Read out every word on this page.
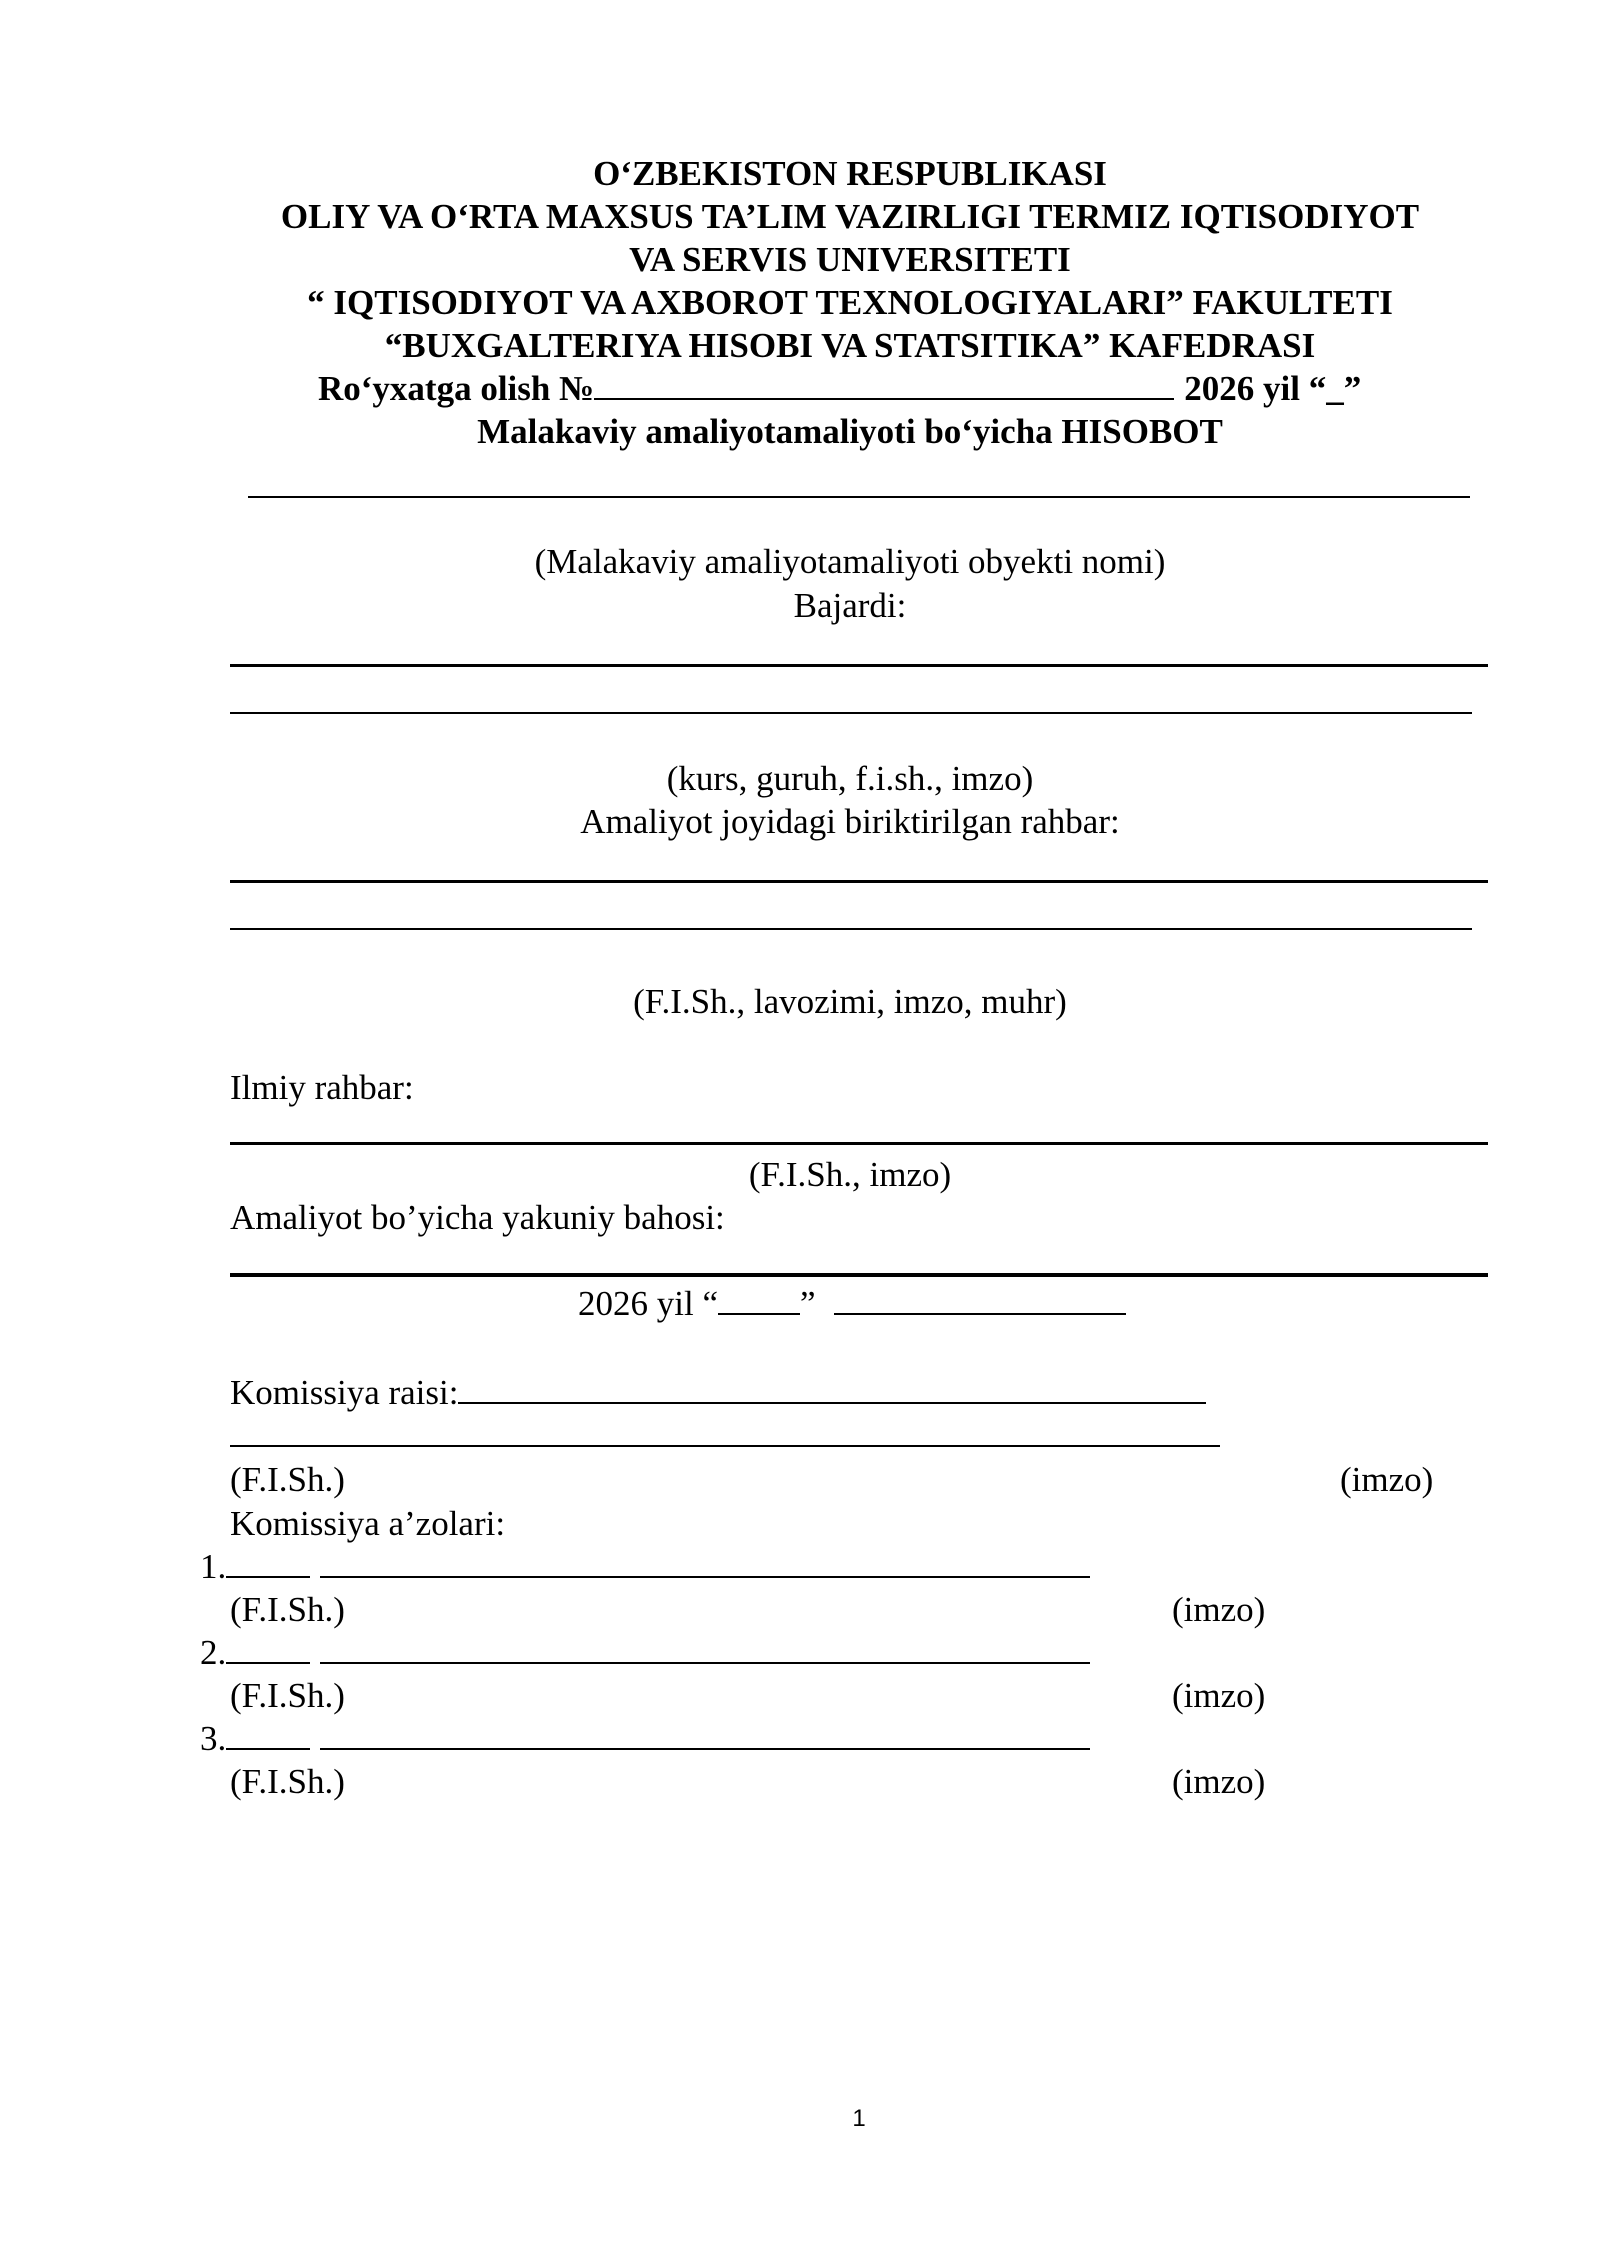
O‘ZBEKISTON RESPUBLIKASI
OLIY VA O‘RTA MAXSUS TA’LIM VAZIRLIGI TERMIZ IQTISODIYOT
VA SERVIS UNIVERSITETI
“ IQTISODIYOT VA AXBOROT TEXNOLOGIYALARI” FAKULTETI
“BUXGALTERIYA HISOBI VA STATSITIKA” KAFEDRASI
Ro‘yxatga olish №	2026 yil “_”
Malakaviy amaliyotamaliyoti bo‘yicha HISOBOT
(Malakaviy amaliyotamaliyoti obyekti nomi)
Bajardi:
(kurs, guruh, f.i.sh., imzo)
Amaliyot joyidagi biriktirilgan rahbar:
(F.I.Sh., lavozimi, imzo, muhr)
Ilmiy rahbar:
(F.I.Sh., imzo)
Amaliyot bo’yicha yakuniy bahosi:
2026 yil “ ”
Komissiya raisi:
(F.I.Sh.)	(imzo)
Komissiya a’zolari:
1.
(F.I.Sh.)	(imzo)
2.
(F.I.Sh.)	(imzo)
3.
(F.I.Sh.)	(imzo)
1
